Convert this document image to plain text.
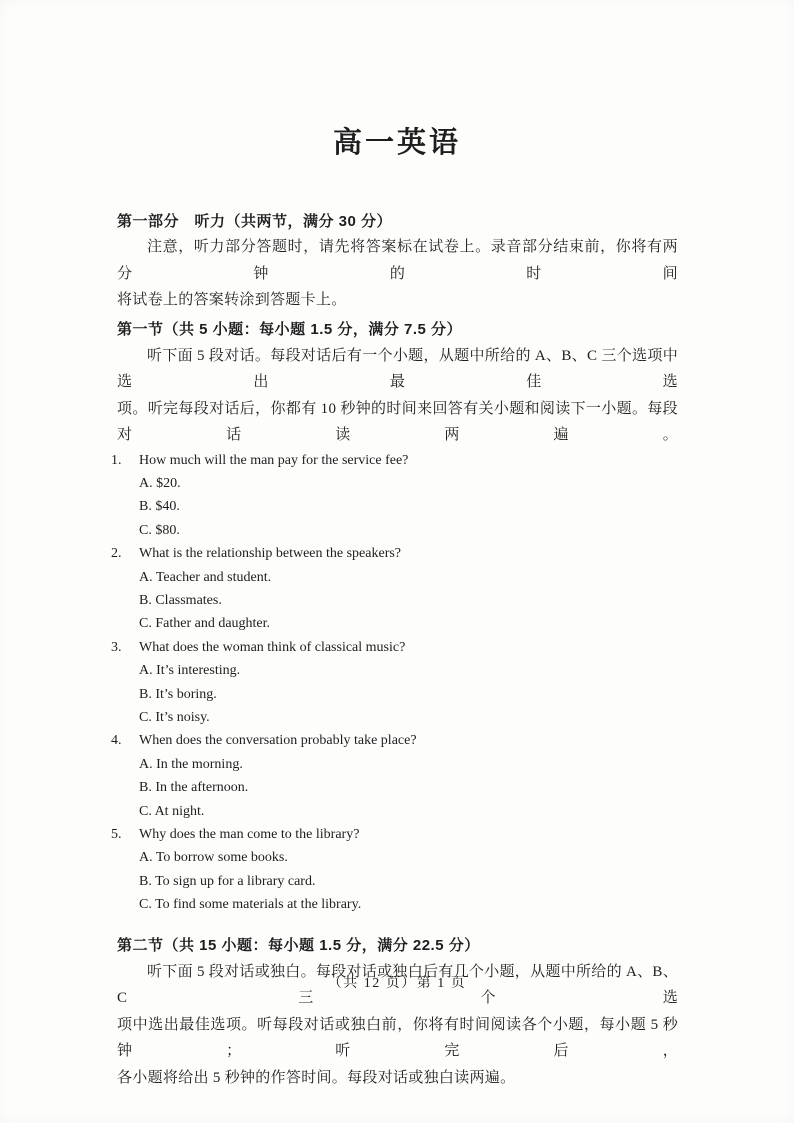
高一英语
第一部分　听力（共两节，满分 30 分）

注意，听力部分答题时，请先将答案标在试卷上。录音部分结束前，你将有两分钟的时间

将试卷上的答案转涂到答题卡上。

第一节（共 5 小题：每小题 1.5 分，满分 7.5 分）

听下面 5 段对话。每段对话后有一个小题，从题中所给的 A、B、C 三个选项中选出最佳选

项。听完每段对话后，你都有 10 秒钟的时间来回答有关小题和阅读下一小题。每段对话读两遍。

1.	How much will the man pay for the service fee?
A. $20.
B. $40.
C. $80.
2.	What is the relationship between the speakers?
A. Teacher and student.
B. Classmates.
C. Father and daughter.
3.	What does the woman think of classical music?
A. It’s interesting.
B. It’s boring.
C. It’s noisy.
4.	When does the conversation probably take place?
A. In the morning.
B. In the afternoon.
C. At night.
5.	Why does the man come to the library?
A. To borrow some books.
B. To sign up for a library card.
C. To find some materials at the library.
第二节（共 15 小题：每小题 1.5 分，满分 22.5 分）

听下面 5 段对话或独白。每段对话或独白后有几个小题，从题中所给的 A、B、C 三个选

项中选出最佳选项。听每段对话或独白前，你将有时间阅读各个小题，每小题 5 秒钟；听完后，

各小题将给出 5 秒钟的作答时间。每段对话或独白读两遍。

（共 12 页）第 1 页
